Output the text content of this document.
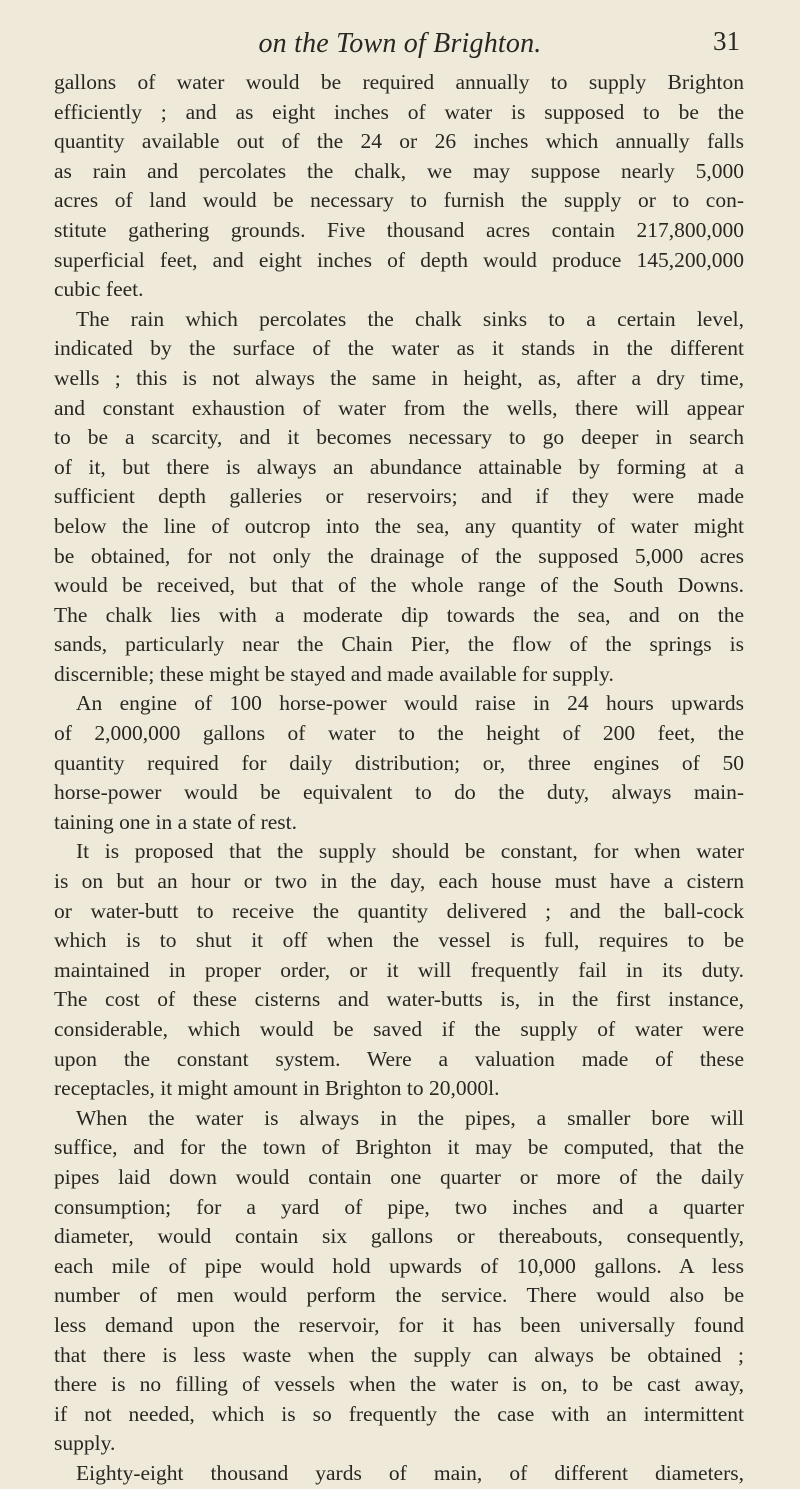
on the Town of Brighton.	31
gallons of water would be required annually to supply Brighton
efficiently ; and as eight inches of water is supposed to be the
quantity available out of the 24 or 26 inches which annually falls
as rain and percolates the chalk, we may suppose nearly 5,000
acres of land would be necessary to furnish the supply or to con-
stitute gathering grounds. Five thousand acres contain 217,800,000
superficial feet, and eight inches of depth would produce 145,200,000
cubic feet.
The rain which percolates the chalk sinks to a certain level,
indicated by the surface of the water as it stands in the different
wells ; this is not always the same in height, as, after a dry time,
and constant exhaustion of water from the wells, there will appear
to be a scarcity, and it becomes necessary to go deeper in search
of it, but there is always an abundance attainable by forming at a
sufficient depth galleries or reservoirs; and if they were made
below the line of outcrop into the sea, any quantity of water might
be obtained, for not only the drainage of the supposed 5,000 acres
would be received, but that of the whole range of the South Downs.
The chalk lies with a moderate dip towards the sea, and on the
sands, particularly near the Chain Pier, the flow of the springs is
discernible; these might be stayed and made available for supply.
An engine of 100 horse-power would raise in 24 hours upwards
of 2,000,000 gallons of water to the height of 200 feet, the
quantity required for daily distribution; or, three engines of 50
horse-power would be equivalent to do the duty, always main-
taining one in a state of rest.
It is proposed that the supply should be constant, for when water
is on but an hour or two in the day, each house must have a cistern
or water-butt to receive the quantity delivered ; and the ball-cock
which is to shut it off when the vessel is full, requires to be
maintained in proper order, or it will frequently fail in its duty.
The cost of these cisterns and water-butts is, in the first instance,
considerable, which would be saved if the supply of water were
upon the constant system. Were a valuation made of these
receptacles, it might amount in Brighton to 20,000l.
When the water is always in the pipes, a smaller bore will
suffice, and for the town of Brighton it may be computed, that the
pipes laid down would contain one quarter or more of the daily
consumption; for a yard of pipe, two inches and a quarter
diameter, would contain six gallons or thereabouts, consequently,
each mile of pipe would hold upwards of 10,000 gallons. A less
number of men would perform the service. There would also be
less demand upon the reservoir, for it has been universally found
that there is less waste when the supply can always be obtained ;
there is no filling of vessels when the water is on, to be cast away,
if not needed, which is so frequently the case with an intermittent
supply.
Eighty-eight thousand yards of main, of different diameters,
